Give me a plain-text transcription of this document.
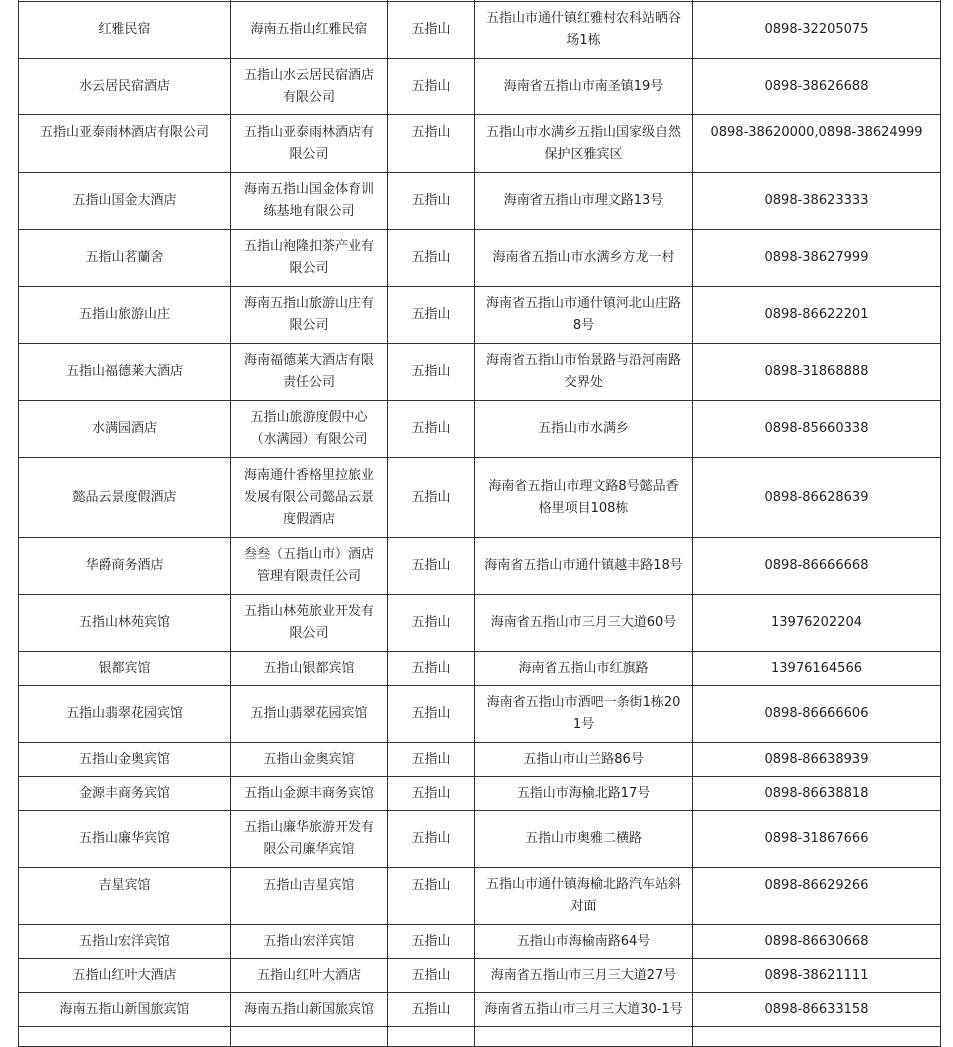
红雅民宿	海南五指山红雅民宿	五指山	五指山市通什镇红雅村农科站晒谷场1栋	0898-32205075
水云居民宿酒店	五指山水云居民宿酒店有限公司	五指山	海南省五指山市南圣镇19号	0898-38626688
五指山亚泰雨林酒店有限公司	五指山亚泰雨林酒店有限公司	五指山	五指山市水满乡五指山国家级自然保护区雅宾区	0898-38620000,0898-38624999
五指山国金大酒店	海南五指山国金体育训练基地有限公司	五指山	海南省五指山市理文路13号	0898-38623333
五指山茗蘭舍	五指山袍隆扣茶产业有限公司	五指山	海南省五指山市水满乡方龙一村	0898-38627999
五指山旅游山庄	海南五指山旅游山庄有限公司	五指山	海南省五指山市通什镇河北山庄路8号	0898-86622201
五指山福德莱大酒店	海南福德莱大酒店有限责任公司	五指山	海南省五指山市怡景路与沿河南路交界处	0898-31868888
水满园酒店	五指山旅游度假中心（水满园）有限公司	五指山	五指山市水满乡	0898-85660338
懿品云景度假酒店	海南通什香格里拉旅业发展有限公司懿品云景度假酒店	五指山	海南省五指山市理文路8号懿品香格里项目108栋	0898-86628639
华爵商务酒店	叁叁（五指山市）酒店管理有限责任公司	五指山	海南省五指山市通什镇越丰路18号	0898-86666668
五指山林苑宾馆	五指山林苑旅业开发有限公司	五指山	海南省五指山市三月三大道60号	13976202204
银都宾馆	五指山银都宾馆	五指山	海南省五指山市红旗路	13976164566
五指山翡翠花园宾馆	五指山翡翠花园宾馆	五指山	海南省五指山市酒吧一条街1栋201号	0898-86666606
五指山金奥宾馆	五指山金奥宾馆	五指山	五指山市山兰路86号	0898-86638939
金源丰商务宾馆	五指山金源丰商务宾馆	五指山	五指山市海榆北路17号	0898-86638818
五指山廉华宾馆	五指山廉华旅游开发有限公司廉华宾馆	五指山	五指山市奥雅二横路	0898-31867666
吉星宾馆	五指山吉星宾馆	五指山	五指山市通什镇海榆北路汽车站斜对面	0898-86629266
五指山宏洋宾馆	五指山宏洋宾馆	五指山	五指山市海榆南路64号	0898-86630668
五指山红叶大酒店	五指山红叶大酒店	五指山	海南省五指山市三月三大道27号	0898-38621111
海南五指山新国旅宾馆	海南五指山新国旅宾馆	五指山	海南省五指山市三月三大道30-1号	0898-86633158
